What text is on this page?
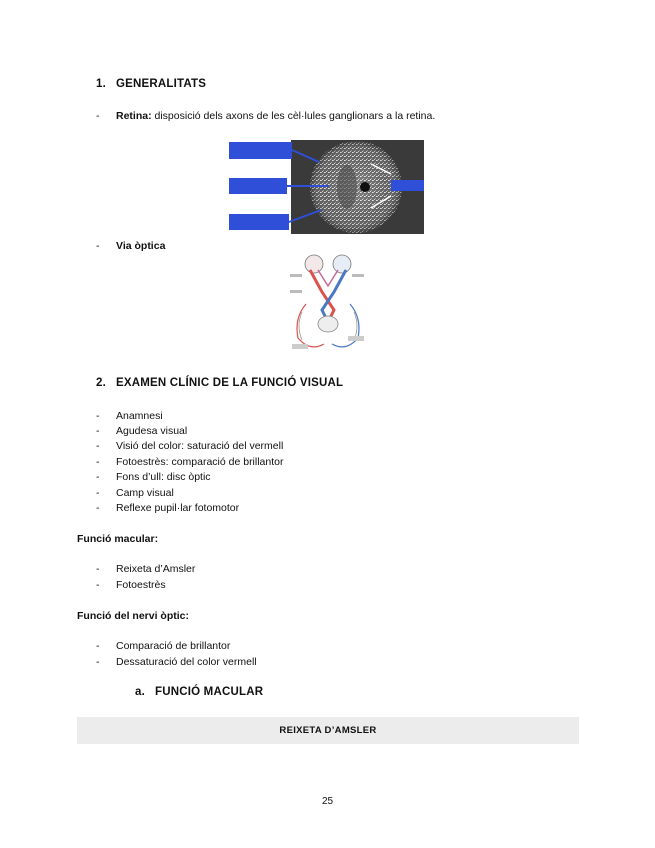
1. GENERALITATS
- Retina: disposició dels axons de les cèl·lules ganglionars a la retina.
- Via òptica
2. EXAMEN CLÍNIC DE LA FUNCIÓ VISUAL
- Anamnesi
- Agudesa visual
- Visió del color: saturació del vermell
- Fotoestrès: comparació de brillantor
- Fons d’ull: disc òptic
- Camp visual
- Reflexe pupil·lar fotomotor
Funció macular:
- Reixeta d’Amsler
- Fotoestrès
Funció del nervi òptic:
- Comparació de brillantor
- Dessaturació del color vermell
a. FUNCIÓ MACULAR
REIXETA D’AMSLER
25
